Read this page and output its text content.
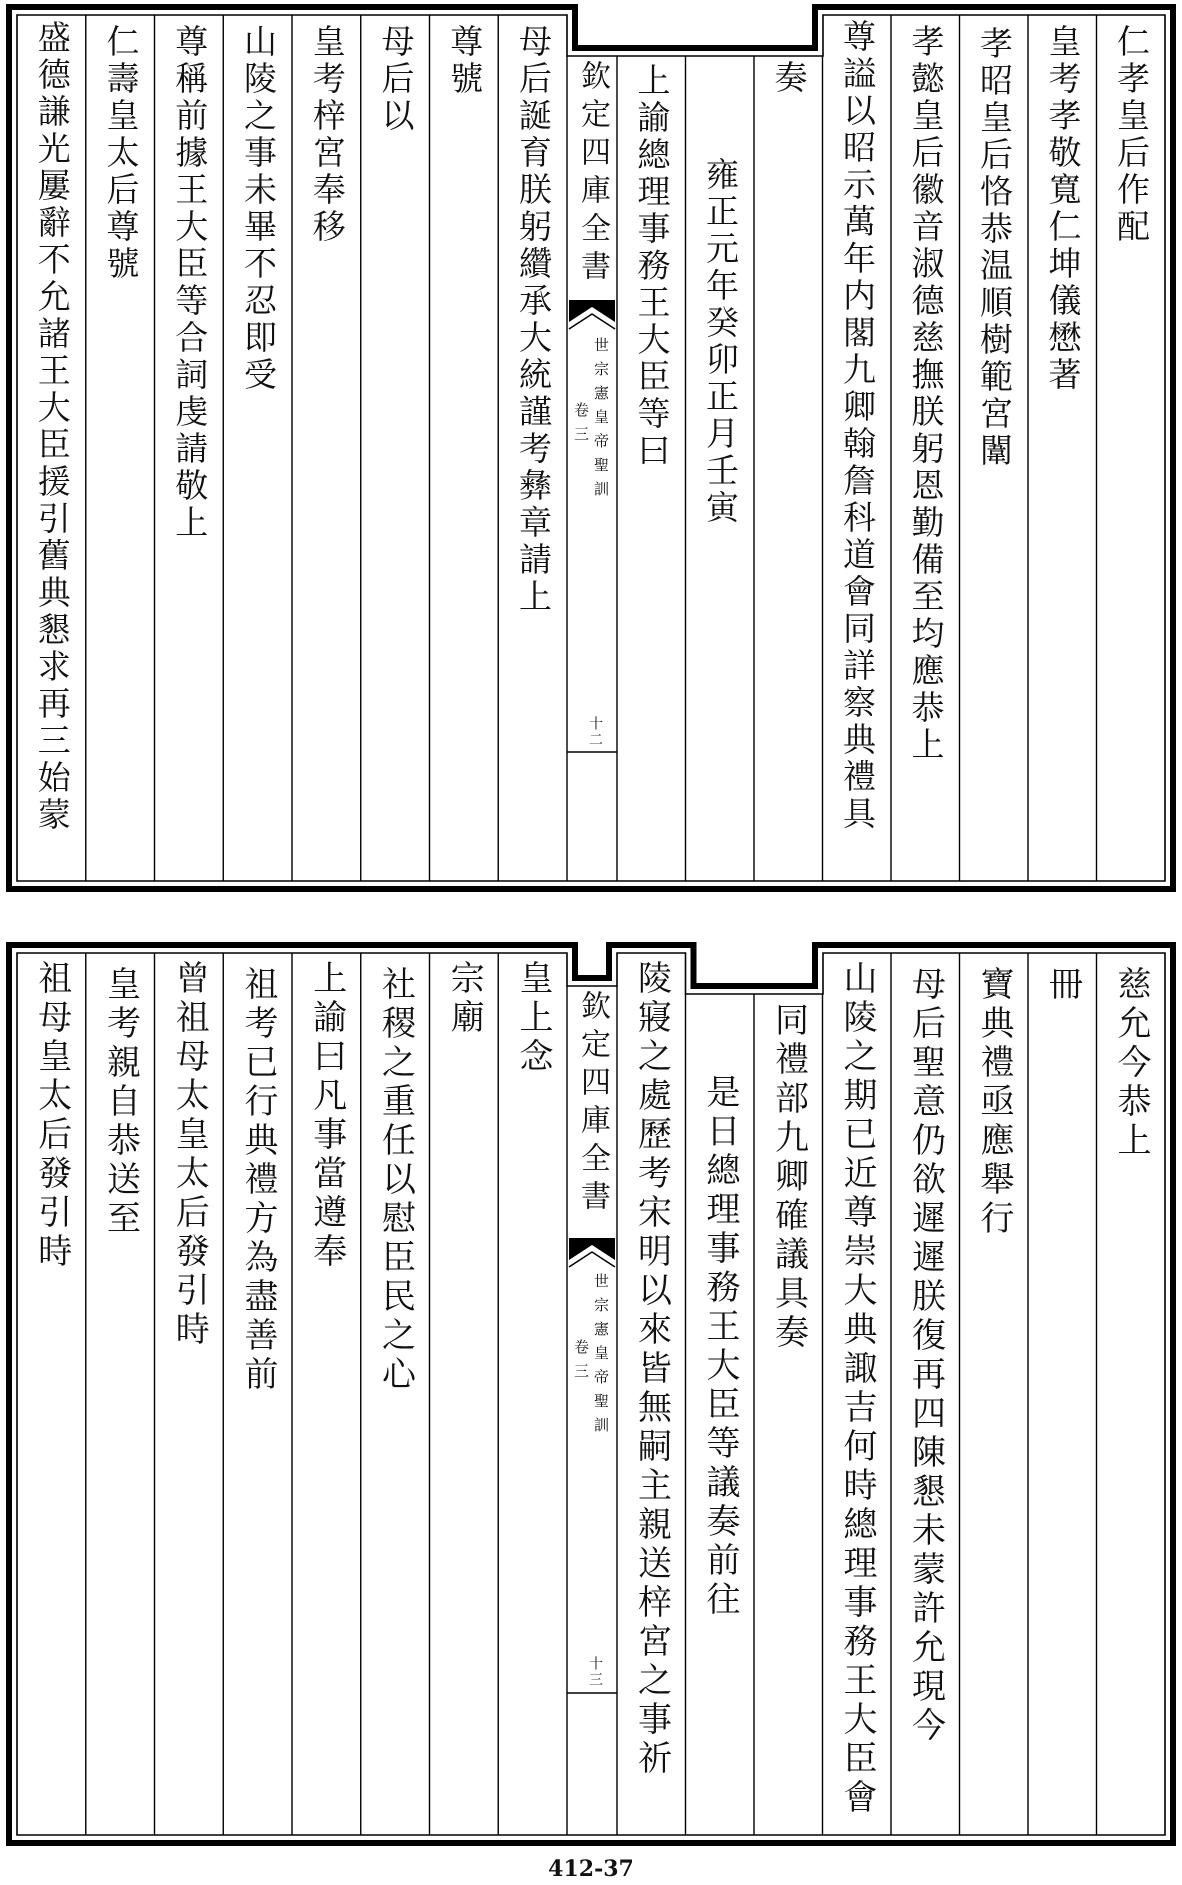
仁孝皇后作配
皇考孝敬寬仁坤儀懋著
孝昭皇后恪恭温順樹範宮闈
孝懿皇后徽音淑德慈撫朕躬恩勤備至均應恭上
尊謚以昭示萬年内閣九卿翰詹科道會同詳察典禮具
奏
雍正元年癸卯正月壬寅
上諭總理事務王大臣等曰
欽定四庫全書
世宗憲皇帝聖訓
卷三
十二
母后誕育朕躬纘承大統謹考彝章請上
尊號
母后以
皇考梓宮奉移
山陵之事未畢不忍即受
尊稱前據王大臣等合詞虔請敬上
仁壽皇太后尊號
盛德謙光屢辭不允諸王大臣援引舊典懇求再三始蒙
慈允今恭上
冊
寶典禮亟應舉行
母后聖意仍欲遲遲朕復再四陳懇未蒙許允現今
山陵之期已近尊崇大典諏吉何時總理事務王大臣會
同禮部九卿確議具奏
是日總理事務王大臣等議奏前往
陵寢之處歷考宋明以來皆無嗣主親送梓宮之事祈
欽定四庫全書
世宗憲皇帝聖訓
卷三
十三
皇上念
宗廟
社稷之重任以慰臣民之心
上諭曰凡事當遵奉
祖考已行典禮方為盡善前
曾祖母太皇太后發引時
皇考親自恭送至
祖母皇太后發引時
412-37
